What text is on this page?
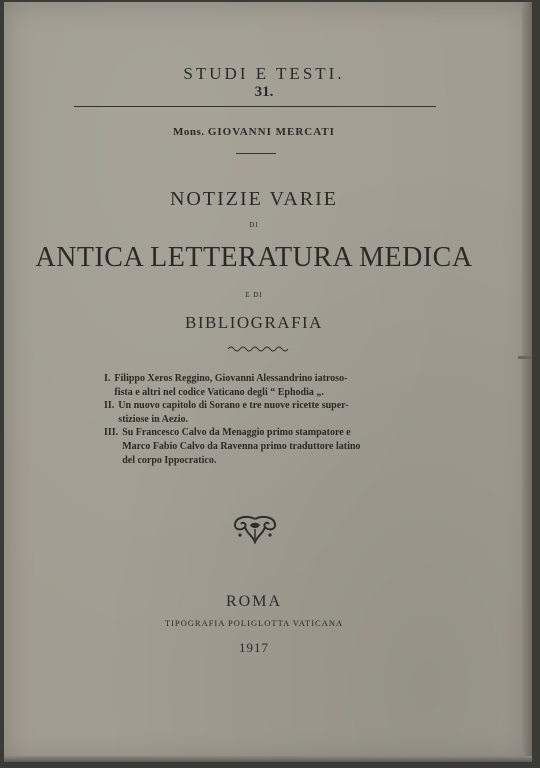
STUDI E TESTI.
31.
Mons. GIOVANNI MERCATI
NOTIZIE VARIE
DI
ANTICA LETTERATURA MEDICA
E DI
BIBLIOGRAFIA
I. Filippo Xeros Reggino, Giovanni Alessandrino iatroso-
fista e altri nel codice Vaticano degli “ Ephodia „.
II. Un nuovo capitolo di Sorano e tre nuove ricette super-
stiziose in Aezio.
III. Su Francesco Calvo da Menaggio primo stampatore e
Marco Fabio Calvo da Ravenna primo traduttore latino
del corpo Ippocratico.
ROMA
TIPOGRAFIA POLIGLOTTA VATICANA
1917
